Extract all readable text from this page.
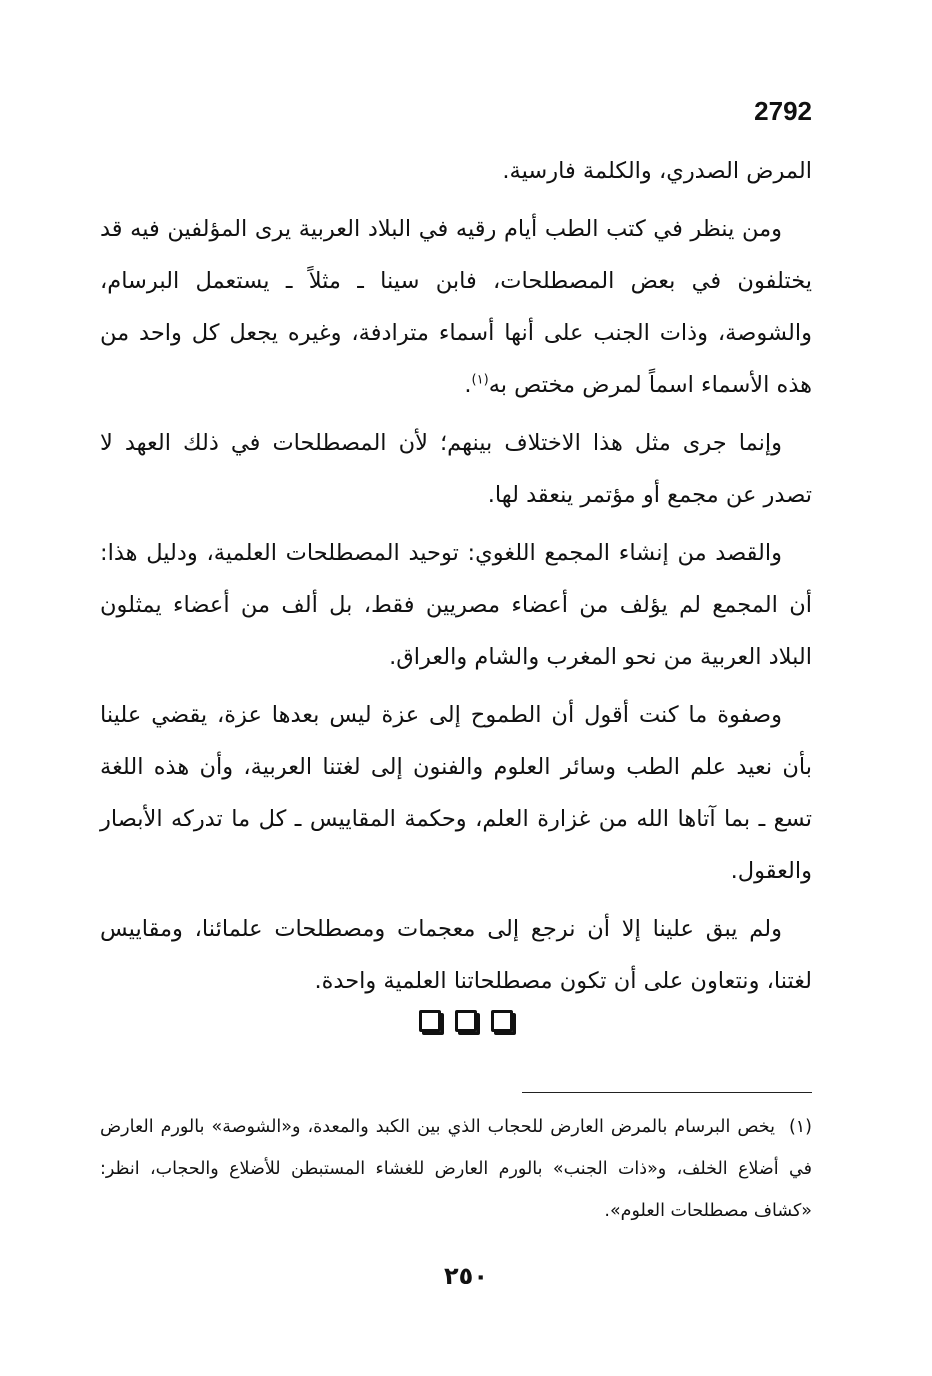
2792

المرض الصدري، والكلمة فارسية.

ومن ينظر في كتب الطب أيام رقيه في البلاد العربية يرى المؤلفين فيه قد يختلفون في بعض المصطلحات، فابن سينا ـ مثلاً ـ يستعمل البرسام، والشوصة، وذات الجنب على أنها أسماء مترادفة، وغيره يجعل كل واحد من هذه الأسماء اسماً لمرض مختص به$^{(١)}$.

وإنما جرى مثل هذا الاختلاف بينهم؛ لأن المصطلحات في ذلك العهد لا تصدر عن مجمع أو مؤتمر ينعقد لها.

والقصد من إنشاء المجمع اللغوي: توحيد المصطلحات العلمية، ودليل هذا: أن المجمع لم يؤلف من أعضاء مصريين فقط، بل ألف من أعضاء يمثلون البلاد العربية من نحو المغرب والشام والعراق.

وصفوة ما كنت أقول أن الطموح إلى عزة ليس بعدها عزة، يقضي علينا بأن نعيد علم الطب وسائر العلوم والفنون إلى لغتنا العربية، وأن هذه اللغة تسع ـ بما آتاها الله من غزارة العلم، وحكمة المقاييس ـ كل ما تدركه الأبصار والعقول.

ولم يبق علينا إلا أن نرجع إلى معجمات ومصطلحات علمائنا، ومقاييس لغتنا، ونتعاون على أن تكون مصطلحاتنا العلمية واحدة.

(١)يخص البرسام بالمرض العارض للحجاب الذي بين الكبد والمعدة، و«الشوصة» بالورم العارض في أضلاع الخلف، و«ذات الجنب» بالورم العارض للغشاء المستبطن للأضلاع والحجاب، انظر: «كشاف مصطلحات العلوم».

٢٥٠
